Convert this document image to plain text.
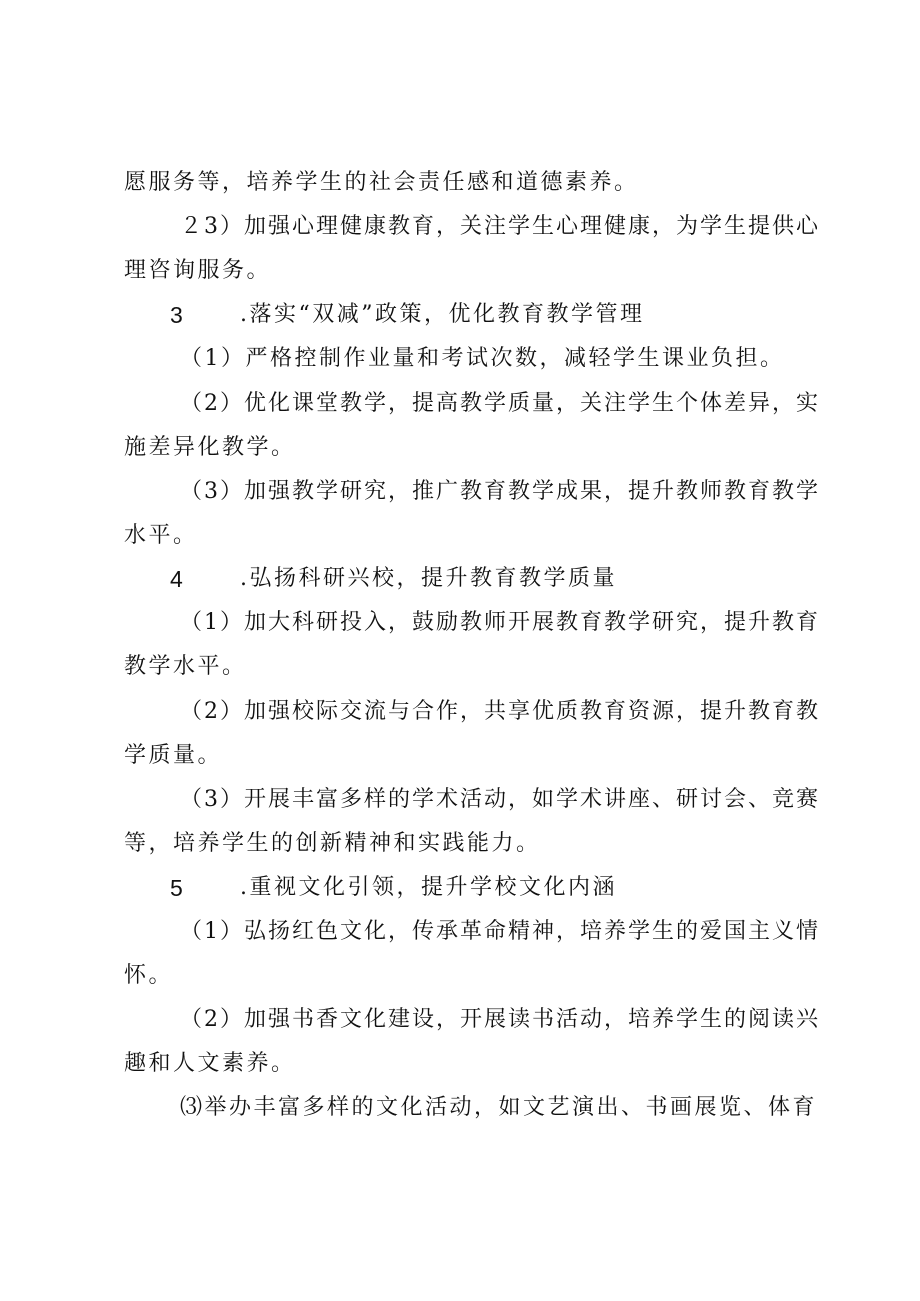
愿服务等，培养学生的社会责任感和道德素养。
２3）加强心理健康教育，关注学生心理健康，为学生提供心
理咨询服务。
3	.落实“双减”政策，优化教育教学管理
（1）严格控制作业量和考试次数，减轻学生课业负担。
（2）优化课堂教学，提高教学质量，关注学生个体差异，实
施差异化教学。
（3）加强教学研究，推广教育教学成果，提升教师教育教学
水平。
4	.弘扬科研兴校，提升教育教学质量
（1）加大科研投入，鼓励教师开展教育教学研究，提升教育
教学水平。
（2）加强校际交流与合作，共享优质教育资源，提升教育教
学质量。
（3）开展丰富多样的学术活动，如学术讲座、研讨会、竞赛
等，培养学生的创新精神和实践能力。
5	.重视文化引领，提升学校文化内涵
（1）弘扬红色文化，传承革命精神，培养学生的爱国主义情
怀。
（2）加强书香文化建设，开展读书活动，培养学生的阅读兴
趣和人文素养。
⑶举办丰富多样的文化活动，如文艺演出、书画展览、体育
